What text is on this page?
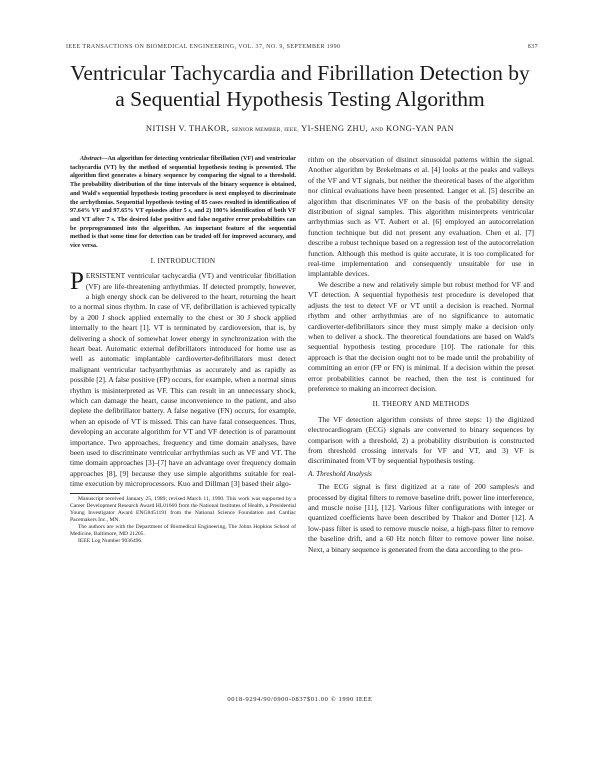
IEEE TRANSACTIONS ON BIOMEDICAL ENGINEERING, VOL. 37, NO. 9, SEPTEMBER 1990	837
Ventricular Tachycardia and Fibrillation Detection by
a Sequential Hypothesis Testing Algorithm
NITISH V. THAKOR, SENIOR MEMBER, IEEE, YI-SHENG ZHU, AND KONG-YAN PAN

Abstract—An algorithm for detecting ventricular fibrillation (VF) and ventricular tachycardia (VT) by the method of sequential hypothesis testing is presented. The algorithm first generates a binary sequence by comparing the signal to a threshold. The probability distribution of the time intervals of the binary sequence is obtained, and Wald's sequential hypothesis testing procedure is next employed to discriminate the arrhythmias. Sequential hypothesis testing of 85 cases resulted in identification of 97.64% VF and 97.65% VT episodes after 5 s, and 2) 100% identification of both VF and VT after 7 s. The desired false positive and false negative error probabilities can be preprogrammed into the algorithm. An important feature of the sequential method is that some time for detection can be traded off for improved accuracy, and vice versa.

I. INTRODUCTION

PERSISTENT ventricular tachycardia (VT) and ventricular fibrillation (VF) are life-threatening arrhythmias. If detected promptly, however, a high energy shock can be delivered to the heart, returning the heart to a normal sinus rhythm. In case of VF, defibrillation is achieved typically by a 200 J shock applied externally to the chest or 30 J shock applied internally to the heart [1]. VT is terminated by cardioversion, that is, by delivering a shock of somewhat lower energy in synchronization with the heart beat. Automatic external defibrillators introduced for home use as well as automatic implantable cardioverter-defibrillators must detect malignant ventricular tachyarrhythmias as accurately and as rapidly as possible [2]. A false positive (FP) occurs, for example, when a normal sinus rhythm is misinterpreted as VF. This can result in an unnecessary shock, which can damage the heart, cause inconvenience to the patient, and also deplete the defibrillator battery. A false negative (FN) occurs, for example, when an episode of VT is missed. This can have fatal consequences. Thus, developing an accurate algorithm for VT and VF detection is of paramount importance. Two approaches, frequency and time domain analyses, have been used to discriminate ventricular arrhythmias such as VF and VT. The time domain approaches [3]–[7] have an advantage over frequency domain approaches [8], [9] because they use simple algorithms suitable for real-time execution by microprocessors. Kuo and Dillman [3] based their algo-

Manuscript received January 25, 1989; revised March 11, 1990. This work was supported by a Career Development Research Award HL01660 from the National Institutes of Health, a Presidential Young Investigator Award ENG8451191 from the National Science Foundation and Cardiac Pacemakers Inc., MN.

The authors are with the Department of Biomedical Engineering, The Johns Hopkins School of Medicine, Baltimore, MD 21205.

IEEE Log Number 9036496.

rithm on the observation of distinct sinusoidal patterns within the signal. Another algorithm by Brekelmans et al. [4] looks at the peaks and valleys of the VF and VT signals, but neither the theoretical bases of the algorithm nor clinical evaluations have been presented. Langer et al. [5] describe an algorithm that discriminates VF on the basis of the probability density distribution of signal samples. This algorithm misinterprets ventricular arrhythmias such as VT. Aubert et al. [6] employed an autocorrelation function technique but did not present any evaluation. Chen et al. [7] describe a robust technique based on a regression test of the autocorrelation function. Although this method is quite accurate, it is too complicated for real-time implementation and consequently unsuitable for use in implantable devices.

We describe a new and relatively simple but robust method for VF and VT detection. A sequential hypothesis test procedure is developed that adjusts the test to detect VF or VT until a decision is reached. Normal rhythm and other arrhythmias are of no significance to automatic cardioverter-defibrillators since they must simply make a decision only when to deliver a shock. The theoretical foundations are based on Wald's sequential hypothesis testing procedure [10]. The rationale for this approach is that the decision ought not to be made until the probability of committing an error (FP or FN) is minimal. If a decision within the preset error probabilities cannot be reached, then the test is continued for preference to making an incorrect decision.

II. THEORY AND METHODS

The VF detection algorithm consists of three steps: 1) the digitized electrocardiogram (ECG) signals are converted to binary sequences by comparison with a threshold, 2) a probability distribution is constructed from threshold crossing intervals for VF and VT, and 3) VF is discriminated from VT by sequential hypothesis testing.

A. Threshold Analysis

The ECG signal is first digitized at a rate of 200 samples/s and processed by digital filters to remove baseline drift, power line interference, and muscle noise [11], [12]. Various filter configurations with integer or quantized coefficients have been described by Thakor and Dotter [12]. A low-pass filter is used to remove muscle noise, a high-pass filter to remove the baseline drift, and a 60 Hz notch filter to remove power line noise. Next, a binary sequence is generated from the data according to the pro-

0018-9294/90/0900-0837$01.00 © 1990 IEEE
